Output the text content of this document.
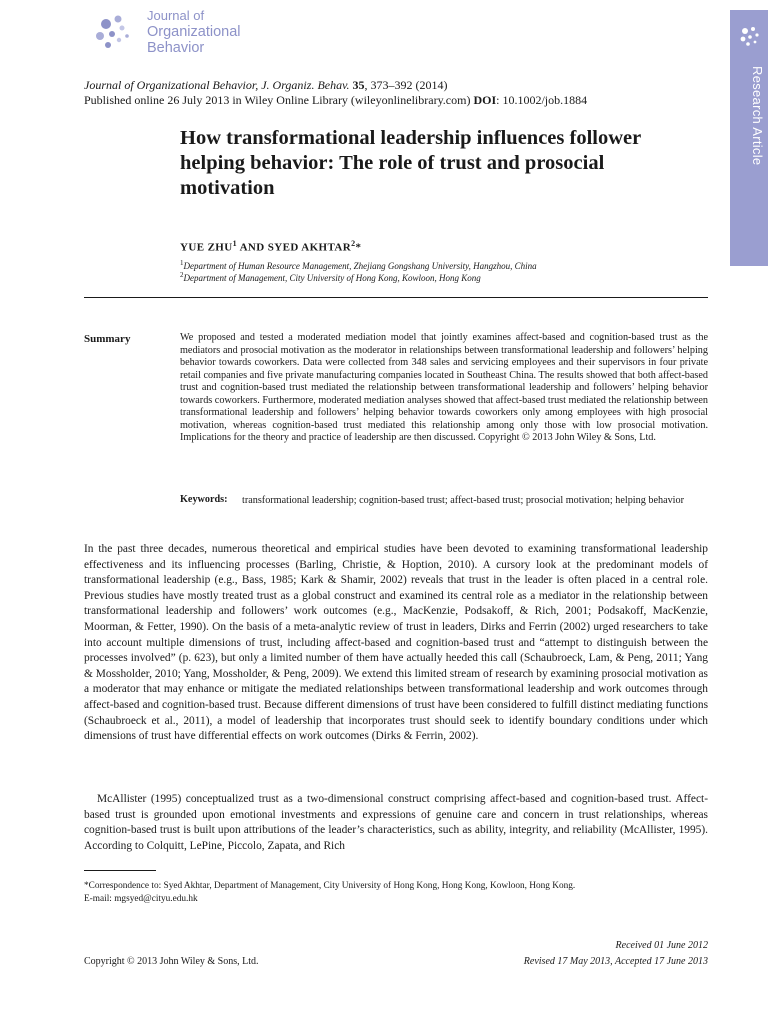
Journal of
Organizational
Behavior
Research Article
Journal of Organizational Behavior, J. Organiz. Behav. 35, 373–392 (2014)
Published online 26 July 2013 in Wiley Online Library (wileyonlinelibrary.com) DOI: 10.1002/job.1884
How transformational leadership influences follower helping behavior: The role of trust and prosocial motivation
YUE ZHU$^1$ AND SYED AKHTAR$^2$*
$^1$Department of Human Resource Management, Zhejiang Gongshang University, Hangzhou, China
$^2$Department of Management, City University of Hong Kong, Kowloon, Hong Kong
Summary	We proposed and tested a moderated mediation model that jointly examines affect-based and cognition-based trust as the mediators and prosocial motivation as the moderator in relationships between transformational leadership and followers’ helping behavior towards coworkers. Data were collected from 348 sales and servicing employees and their supervisors in four private retail companies and five private manufacturing companies located in Southeast China. The results showed that both affect-based trust and cognition-based trust mediated the relationship between transformational leadership and followers’ helping behavior towards coworkers. Furthermore, moderated mediation analyses showed that affect-based trust mediated the relationship between transformational leadership and followers’ helping behavior towards coworkers only among employees with high prosocial motivation, whereas cognition-based trust mediated this relationship among only those with low prosocial motivation. Implications for the theory and practice of leadership are then discussed. Copyright © 2013 John Wiley & Sons, Ltd.
Keywords: transformational leadership; cognition-based trust; affect-based trust; prosocial motivation; helping behavior
In the past three decades, numerous theoretical and empirical studies have been devoted to examining transformational leadership effectiveness and its influencing processes (Barling, Christie, & Hoption, 2010). A cursory look at the predominant models of transformational leadership (e.g., Bass, 1985; Kark & Shamir, 2002) reveals that trust in the leader is often placed in a central role. Previous studies have mostly treated trust as a global construct and examined its central role as a mediator in the relationship between transformational leadership and followers’ work outcomes (e.g., MacKenzie, Podsakoff, & Rich, 2001; Podsakoff, MacKenzie, Moorman, & Fetter, 1990). On the basis of a meta-analytic review of trust in leaders, Dirks and Ferrin (2002) urged researchers to take into account multiple dimensions of trust, including affect-based and cognition-based trust and “attempt to distinguish between the processes involved” (p. 623), but only a limited number of them have actually heeded this call (Schaubroeck, Lam, & Peng, 2011; Yang & Mossholder, 2010; Yang, Mossholder, & Peng, 2009). We extend this limited stream of research by examining prosocial motivation as a moderator that may enhance or mitigate the mediated relationships between transformational leadership and work outcomes through affect-based and cognition-based trust. Because different dimensions of trust have been considered to fulfill distinct mediating functions (Schaubroeck et al., 2011), a model of leadership that incorporates trust should seek to identify boundary conditions under which dimensions of trust have differential effects on work outcomes (Dirks & Ferrin, 2002).
McAllister (1995) conceptualized trust as a two-dimensional construct comprising affect-based and cognition-based trust. Affect-based trust is grounded upon emotional investments and expressions of genuine care and concern in trust relationships, whereas cognition-based trust is built upon attributions of the leader’s characteristics, such as ability, integrity, and reliability (McAllister, 1995). According to Colquitt, LePine, Piccolo, Zapata, and Rich
*Correspondence to: Syed Akhtar, Department of Management, City University of Hong Kong, Hong Kong, Kowloon, Hong Kong.
E-mail: mgsyed@cityu.edu.hk
Copyright © 2013 John Wiley & Sons, Ltd.
Received 01 June 2012
Revised 17 May 2013, Accepted 17 June 2013
